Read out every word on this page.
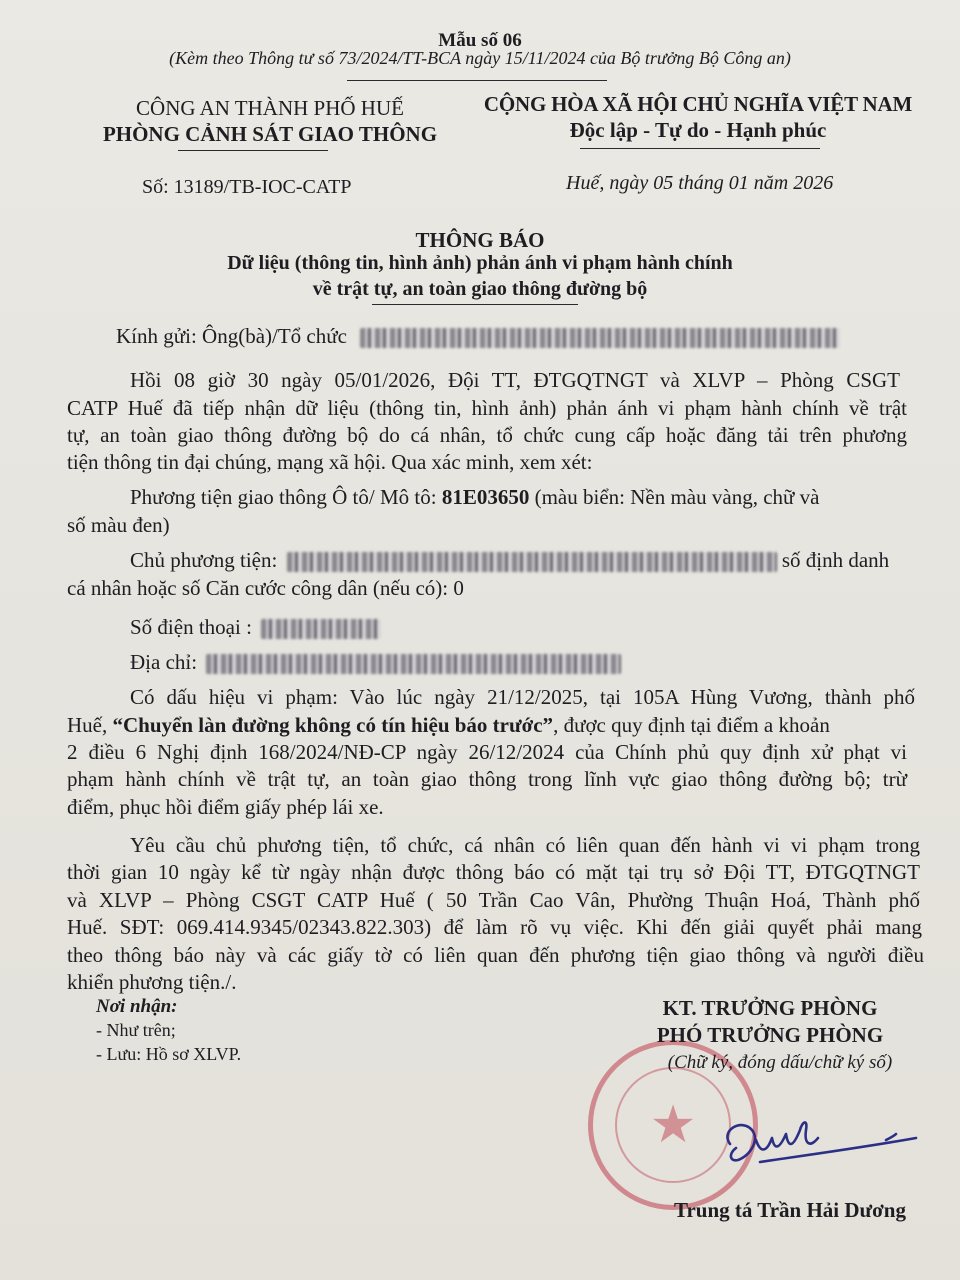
Mẫu số 06
(Kèm theo Thông tư số 73/2024/TT-BCA ngày 15/11/2024 của Bộ trưởng Bộ Công an)
CÔNG AN THÀNH PHỐ HUẾ
PHÒNG CẢNH SÁT GIAO THÔNG
CỘNG HÒA XÃ HỘI CHỦ NGHĨA VIỆT NAM
Độc lập - Tự do - Hạnh phúc
Số: 13189/TB-IOC-CATP	Huế, ngày 05 tháng 01 năm 2026
THÔNG BÁO
Dữ liệu (thông tin, hình ảnh) phản ánh vi phạm hành chính
về trật tự, an toàn giao thông đường bộ
Kính gửi: Ông(bà)/Tổ chức
Hồi 08 giờ 30 ngày 05/01/2026, Đội TT, ĐTGQTNGT và XLVP – Phòng CSGT
CATP Huế đã tiếp nhận dữ liệu (thông tin, hình ảnh) phản ánh vi phạm hành chính về trật
tự, an toàn giao thông đường bộ do cá nhân, tổ chức cung cấp hoặc đăng tải trên phương
tiện thông tin đại chúng, mạng xã hội. Qua xác minh, xem xét:
Phương tiện giao thông Ô tô/ Mô tô: 81E03650 (màu biển: Nền màu vàng, chữ và
số màu đen)
Chủ phương tiện:	số định danh
cá nhân hoặc số Căn cước công dân (nếu có): 0
Số điện thoại :
Địa chỉ:
Có dấu hiệu vi phạm: Vào lúc ngày 21/12/2025, tại 105A Hùng Vương, thành phố
Huế, “Chuyển làn đường không có tín hiệu báo trước”, được quy định tại điểm a khoản
2 điều 6 Nghị định 168/2024/NĐ-CP ngày 26/12/2024 của Chính phủ quy định xử phạt vi
phạm hành chính về trật tự, an toàn giao thông trong lĩnh vực giao thông đường bộ; trừ
điểm, phục hồi điểm giấy phép lái xe.
Yêu cầu chủ phương tiện, tổ chức, cá nhân có liên quan đến hành vi vi phạm trong
thời gian 10 ngày kể từ ngày nhận được thông báo có mặt tại trụ sở Đội TT, ĐTGQTNGT
và XLVP – Phòng CSGT CATP Huế ( 50 Trần Cao Vân, Phường Thuận Hoá, Thành phố
Huế. SĐT: 069.414.9345/02343.822.303) để làm rõ vụ việc. Khi đến giải quyết phải mang
theo thông báo này và các giấy tờ có liên quan đến phương tiện giao thông và người điều
khiển phương tiện./.
Nơi nhận:
- Như trên;
- Lưu: Hồ sơ XLVP.
★
KT. TRƯỞNG PHÒNG
PHÓ TRƯỞNG PHÒNG
(Chữ ký, đóng dấu/chữ ký số)
Trung tá Trần Hải Dương
